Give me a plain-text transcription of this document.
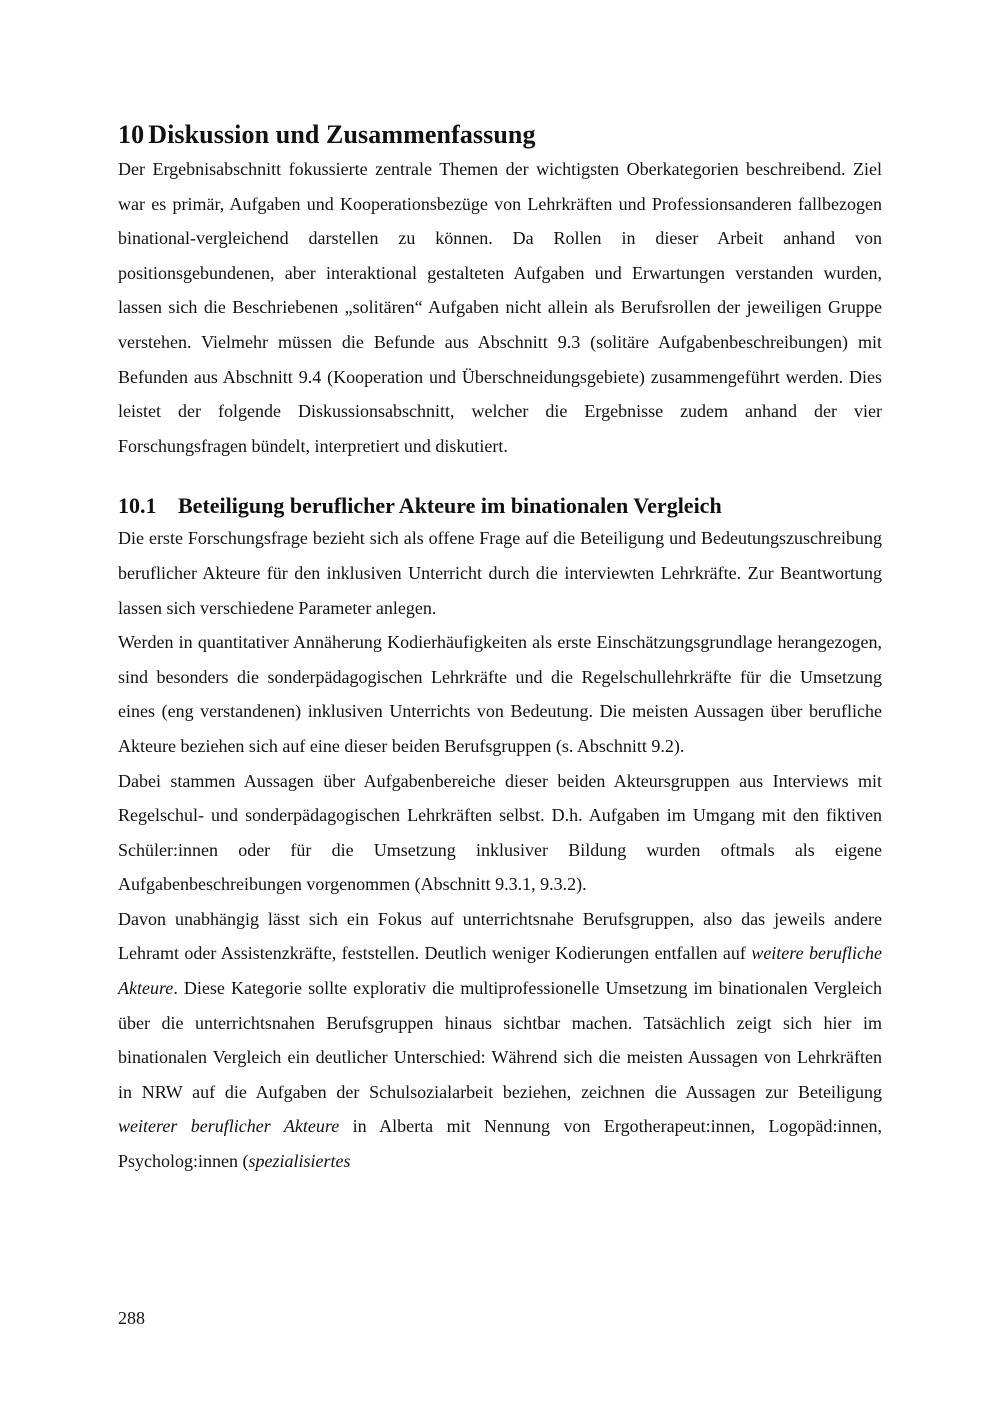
10 Diskussion und Zusammenfassung

Der Ergebnisabschnitt fokussierte zentrale Themen der wichtigsten Oberkategorien beschreibend. Ziel war es primär, Aufgaben und Kooperationsbezüge von Lehrkräften und Professionsanderen fallbezogen binational-vergleichend darstellen zu können. Da Rollen in dieser Arbeit anhand von positionsgebundenen, aber interaktional gestalteten Aufgaben und Erwartungen verstanden wurden, lassen sich die Beschriebenen „solitären“ Aufgaben nicht allein als Berufsrollen der jeweiligen Gruppe verstehen. Vielmehr müssen die Befunde aus Abschnitt 9.3 (solitäre Aufgabenbeschreibungen) mit Befunden aus Abschnitt 9.4 (Kooperation und Überschneidungsgebiete) zusammengeführt werden. Dies leistet der folgende Diskussionsabschnitt, welcher die Ergebnisse zudem anhand der vier Forschungsfragen bündelt, interpretiert und diskutiert.

10.1 Beteiligung beruflicher Akteure im binationalen Vergleich

Die erste Forschungsfrage bezieht sich als offene Frage auf die Beteiligung und Bedeutungszuschreibung beruflicher Akteure für den inklusiven Unterricht durch die interviewten Lehrkräfte. Zur Beantwortung lassen sich verschiedene Parameter anlegen.

Werden in quantitativer Annäherung Kodierhäufigkeiten als erste Einschätzungsgrundlage herangezogen, sind besonders die sonderpädagogischen Lehrkräfte und die Regelschullehrkräfte für die Umsetzung eines (eng verstandenen) inklusiven Unterrichts von Bedeutung. Die meisten Aussagen über berufliche Akteure beziehen sich auf eine dieser beiden Berufsgruppen (s. Abschnitt 9.2).

Dabei stammen Aussagen über Aufgabenbereiche dieser beiden Akteursgruppen aus Interviews mit Regelschul- und sonderpädagogischen Lehrkräften selbst. D.h. Aufgaben im Umgang mit den fiktiven Schüler:innen oder für die Umsetzung inklusiver Bildung wurden oftmals als eigene Aufgabenbeschreibungen vorgenommen (Abschnitt 9.3.1, 9.3.2).

Davon unabhängig lässt sich ein Fokus auf unterrichtsnahe Berufsgruppen, also das jeweils andere Lehramt oder Assistenzkräfte, feststellen. Deutlich weniger Kodierungen entfallen auf weitere berufliche Akteure. Diese Kategorie sollte explorativ die multiprofessionelle Umsetzung im binationalen Vergleich über die unterrichtsnahen Berufsgruppen hinaus sichtbar machen. Tatsächlich zeigt sich hier im binationalen Vergleich ein deutlicher Unterschied: Während sich die meisten Aussagen von Lehrkräften in NRW auf die Aufgaben der Schulsozialarbeit beziehen, zeichnen die Aussagen zur Beteiligung weiterer beruflicher Akteure in Alberta mit Nennung von Ergotherapeut:innen, Logopäd:innen, Psycholog:innen (spezialisiertes

288
